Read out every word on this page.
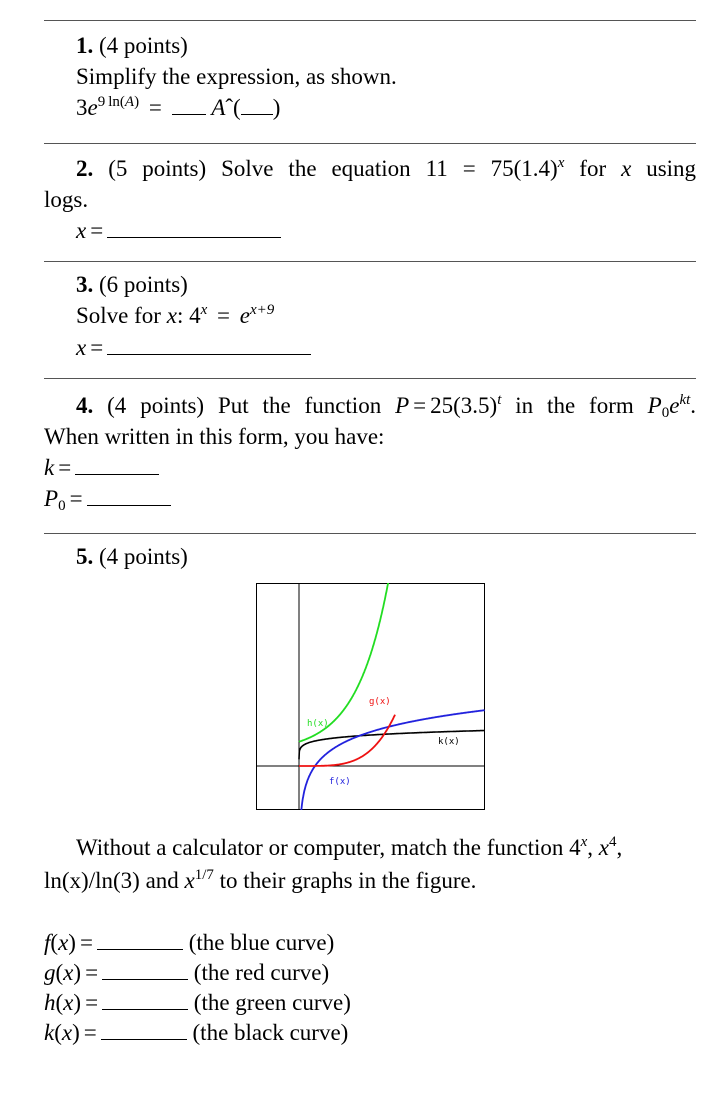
1. (4 points)
Simplify the expression, as shown.
$3e^{9 ln(A)}$ = Aˆ( )
2. (5 points) Solve the equation $11 = 75(1.4)^x$ for x using
logs.
x =
3. (6 points)
Solve for x: $4^x = e^{x+9}$
x =
4. (4 points) Put the function $P = 25(3.5)^t$ in the form $P_0e^{kt}$.
When written in this form, you have:
k =
$P_0$ =
5. (4 points)
h(x)
g(x)
k(x)
f(x)
Without a calculator or computer, match the function 4$^x$, $x^4$,
ln(x)/ln(3) and $x^{1/7}$ to their graphs in the figure.
f(x) =	(the blue curve)
g(x) =	(the red curve)
h(x) =	(the green curve)
k(x) =	(the black curve)
